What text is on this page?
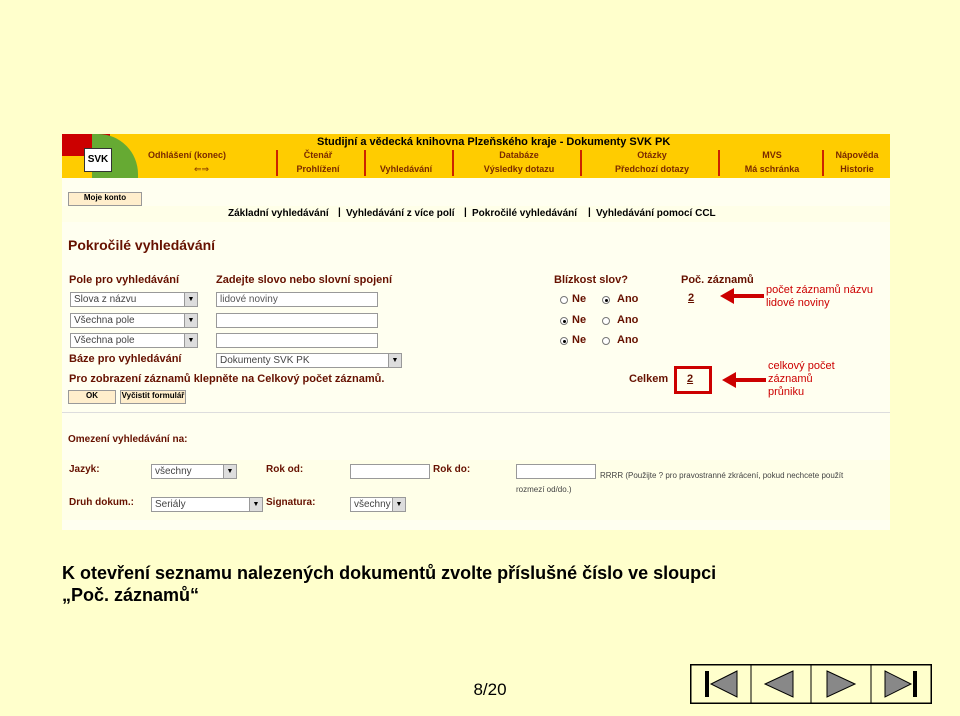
SVK
Studijní a vědecká knihovna Plzeňského kraje - Dokumenty SVK PK
Odhlášení (konec)
⇐⇒
Čtenář
Prohlížení	Vyhledávání
Databáze
Výsledky dotazu
Otázky
Předchozí dotazy
MVS
Má schránka
Nápověda
Historie
Moje konto
Základní vyhledávání | Vyhledávání z více polí | Pokročilé vyhledávání | Vyhledávání pomocí CCL
Pokročilé vyhledávání
Pole pro vyhledávání	Zadejte slovo nebo slovní spojení	Blízkost slov?	Poč. záznamů
Slova z názvu	▼	lidové noviny	Ne	Ano	2
Všechna pole	▼	Ne	Ano
Všechna pole	▼	Ne	Ano
Báze pro vyhledávání	Dokumenty SVK PK	▼
Pro zobrazení záznamů klepněte na Celkový počet záznamů.	Celkem 2
OK	Vyčistit formulář
Omezení vyhledávání na:
Jazyk:	všechny	▼	Rok od:	Rok do:
RRRR (Použijte ? pro pravostranné zkrácení, pokud nechcete použít
rozmezí od/do.)
Druh dokum.:	Seriály	▼ Signatura:	všechny ▼
počet záznamů názvu
lidové noviny
celkový počet
záznamů
průniku
K otevření seznamu nalezených dokumentů zvolte příslušné číslo ve sloupci
„Poč. záznamů“
8/20
